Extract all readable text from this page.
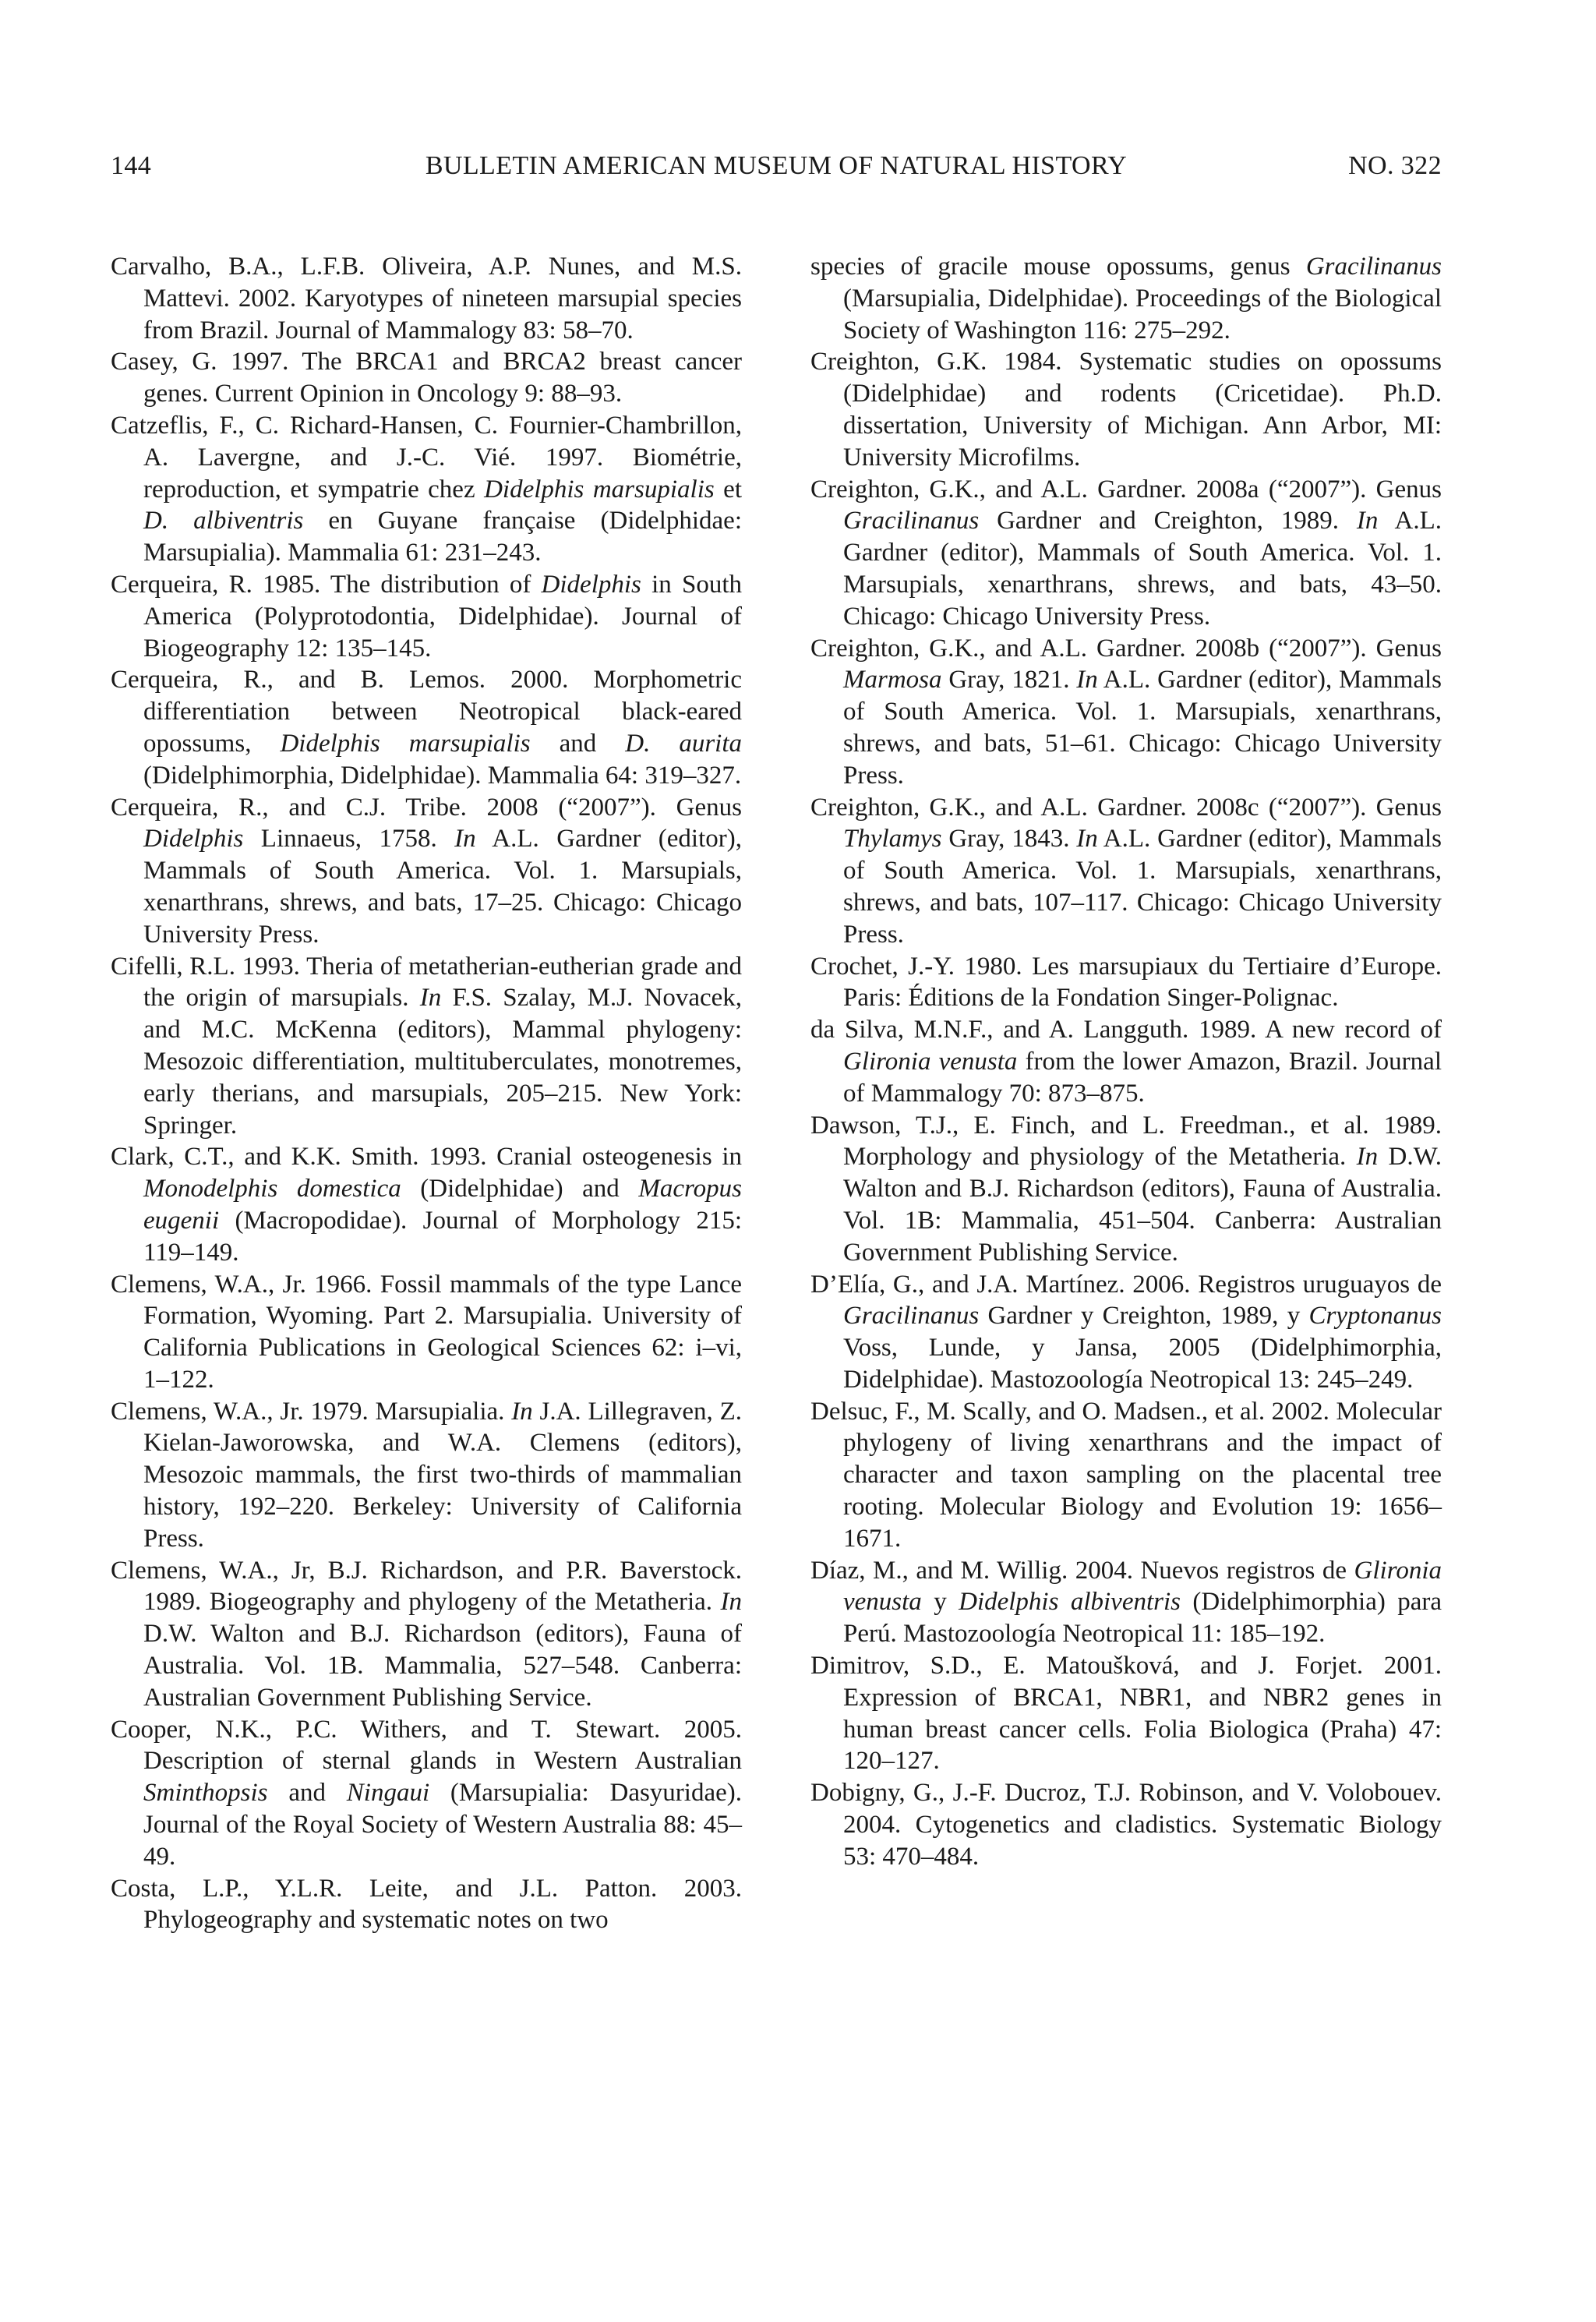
144	BULLETIN AMERICAN MUSEUM OF NATURAL HISTORY	NO. 322

Carvalho, B.A., L.F.B. Oliveira, A.P. Nunes, and M.S. Mattevi. 2002. Karyotypes of nineteen marsupial species from Brazil. Journal of Mammalogy 83: 58–70.

Casey, G. 1997. The BRCA1 and BRCA2 breast cancer genes. Current Opinion in Oncology 9: 88–93.

Catzeflis, F., C. Richard-Hansen, C. Fournier-Chambrillon, A. Lavergne, and J.-C. Vié. 1997. Biométrie, reproduction, et sympatrie chez Didelphis marsupialis et D. albiventris en Guyane française (Didelphidae: Marsupialia). Mammalia 61: 231–243.

Cerqueira, R. 1985. The distribution of Didelphis in South America (Polyprotodontia, Didelphidae). Journal of Biogeography 12: 135–145.

Cerqueira, R., and B. Lemos. 2000. Morphometric differentiation between Neotropical black-eared opossums, Didelphis marsupialis and D. aurita (Didelphimorphia, Didelphidae). Mammalia 64: 319–327.

Cerqueira, R., and C.J. Tribe. 2008 (“2007”). Genus Didelphis Linnaeus, 1758. In A.L. Gardner (editor), Mammals of South America. Vol. 1. Marsupials, xenarthrans, shrews, and bats, 17–25. Chicago: Chicago University Press.

Cifelli, R.L. 1993. Theria of metatherian-eutherian grade and the origin of marsupials. In F.S. Szalay, M.J. Novacek, and M.C. McKenna (editors), Mammal phylogeny: Mesozoic differentiation, multituberculates, monotremes, early therians, and marsupials, 205–215. New York: Springer.

Clark, C.T., and K.K. Smith. 1993. Cranial osteogenesis in Monodelphis domestica (Didelphidae) and Macropus eugenii (Macropodidae). Journal of Morphology 215: 119–149.

Clemens, W.A., Jr. 1966. Fossil mammals of the type Lance Formation, Wyoming. Part 2. Marsupialia. University of California Publications in Geological Sciences 62: i–vi, 1–122.

Clemens, W.A., Jr. 1979. Marsupialia. In J.A. Lillegraven, Z. Kielan-Jaworowska, and W.A. Clemens (editors), Mesozoic mammals, the first two-thirds of mammalian history, 192–220. Berkeley: University of California Press.

Clemens, W.A., Jr, B.J. Richardson, and P.R. Baverstock. 1989. Biogeography and phylogeny of the Metatheria. In D.W. Walton and B.J. Richardson (editors), Fauna of Australia. Vol. 1B. Mammalia, 527–548. Canberra: Australian Government Publishing Service.

Cooper, N.K., P.C. Withers, and T. Stewart. 2005. Description of sternal glands in Western Australian Sminthopsis and Ningaui (Marsupialia: Dasyuridae). Journal of the Royal Society of Western Australia 88: 45–49.

Costa, L.P., Y.L.R. Leite, and J.L. Patton. 2003. Phylogeography and systematic notes on two

species of gracile mouse opossums, genus Gracilinanus (Marsupialia, Didelphidae). Proceedings of the Biological Society of Washington 116: 275–292.

Creighton, G.K. 1984. Systematic studies on opossums (Didelphidae) and rodents (Cricetidae). Ph.D. dissertation, University of Michigan. Ann Arbor, MI: University Microfilms.

Creighton, G.K., and A.L. Gardner. 2008a (“2007”). Genus Gracilinanus Gardner and Creighton, 1989. In A.L. Gardner (editor), Mammals of South America. Vol. 1. Marsupials, xenarthrans, shrews, and bats, 43–50. Chicago: Chicago University Press.

Creighton, G.K., and A.L. Gardner. 2008b (“2007”). Genus Marmosa Gray, 1821. In A.L. Gardner (editor), Mammals of South America. Vol. 1. Marsupials, xenarthrans, shrews, and bats, 51–61. Chicago: Chicago University Press.

Creighton, G.K., and A.L. Gardner. 2008c (“2007”). Genus Thylamys Gray, 1843. In A.L. Gardner (editor), Mammals of South America. Vol. 1. Marsupials, xenarthrans, shrews, and bats, 107–117. Chicago: Chicago University Press.

Crochet, J.-Y. 1980. Les marsupiaux du Tertiaire d’Europe. Paris: Éditions de la Fondation Singer-Polignac.

da Silva, M.N.F., and A. Langguth. 1989. A new record of Glironia venusta from the lower Amazon, Brazil. Journal of Mammalogy 70: 873–875.

Dawson, T.J., E. Finch, and L. Freedman., et al. 1989. Morphology and physiology of the Metatheria. In D.W. Walton and B.J. Richardson (editors), Fauna of Australia. Vol. 1B: Mammalia, 451–504. Canberra: Australian Government Publishing Service.

D’Elía, G., and J.A. Martínez. 2006. Registros uruguayos de Gracilinanus Gardner y Creighton, 1989, y Cryptonanus Voss, Lunde, y Jansa, 2005 (Didelphimorphia, Didelphidae). Mastozoología Neotropical 13: 245–249.

Delsuc, F., M. Scally, and O. Madsen., et al. 2002. Molecular phylogeny of living xenarthrans and the impact of character and taxon sampling on the placental tree rooting. Molecular Biology and Evolution 19: 1656–1671.

Díaz, M., and M. Willig. 2004. Nuevos registros de Glironia venusta y Didelphis albiventris (Didelphimorphia) para Perú. Mastozoología Neotropical 11: 185–192.

Dimitrov, S.D., E. Matoušková, and J. Forjet. 2001. Expression of BRCA1, NBR1, and NBR2 genes in human breast cancer cells. Folia Biologica (Praha) 47: 120–127.

Dobigny, G., J.-F. Ducroz, T.J. Robinson, and V. Volobouev. 2004. Cytogenetics and cladistics. Systematic Biology 53: 470–484.
